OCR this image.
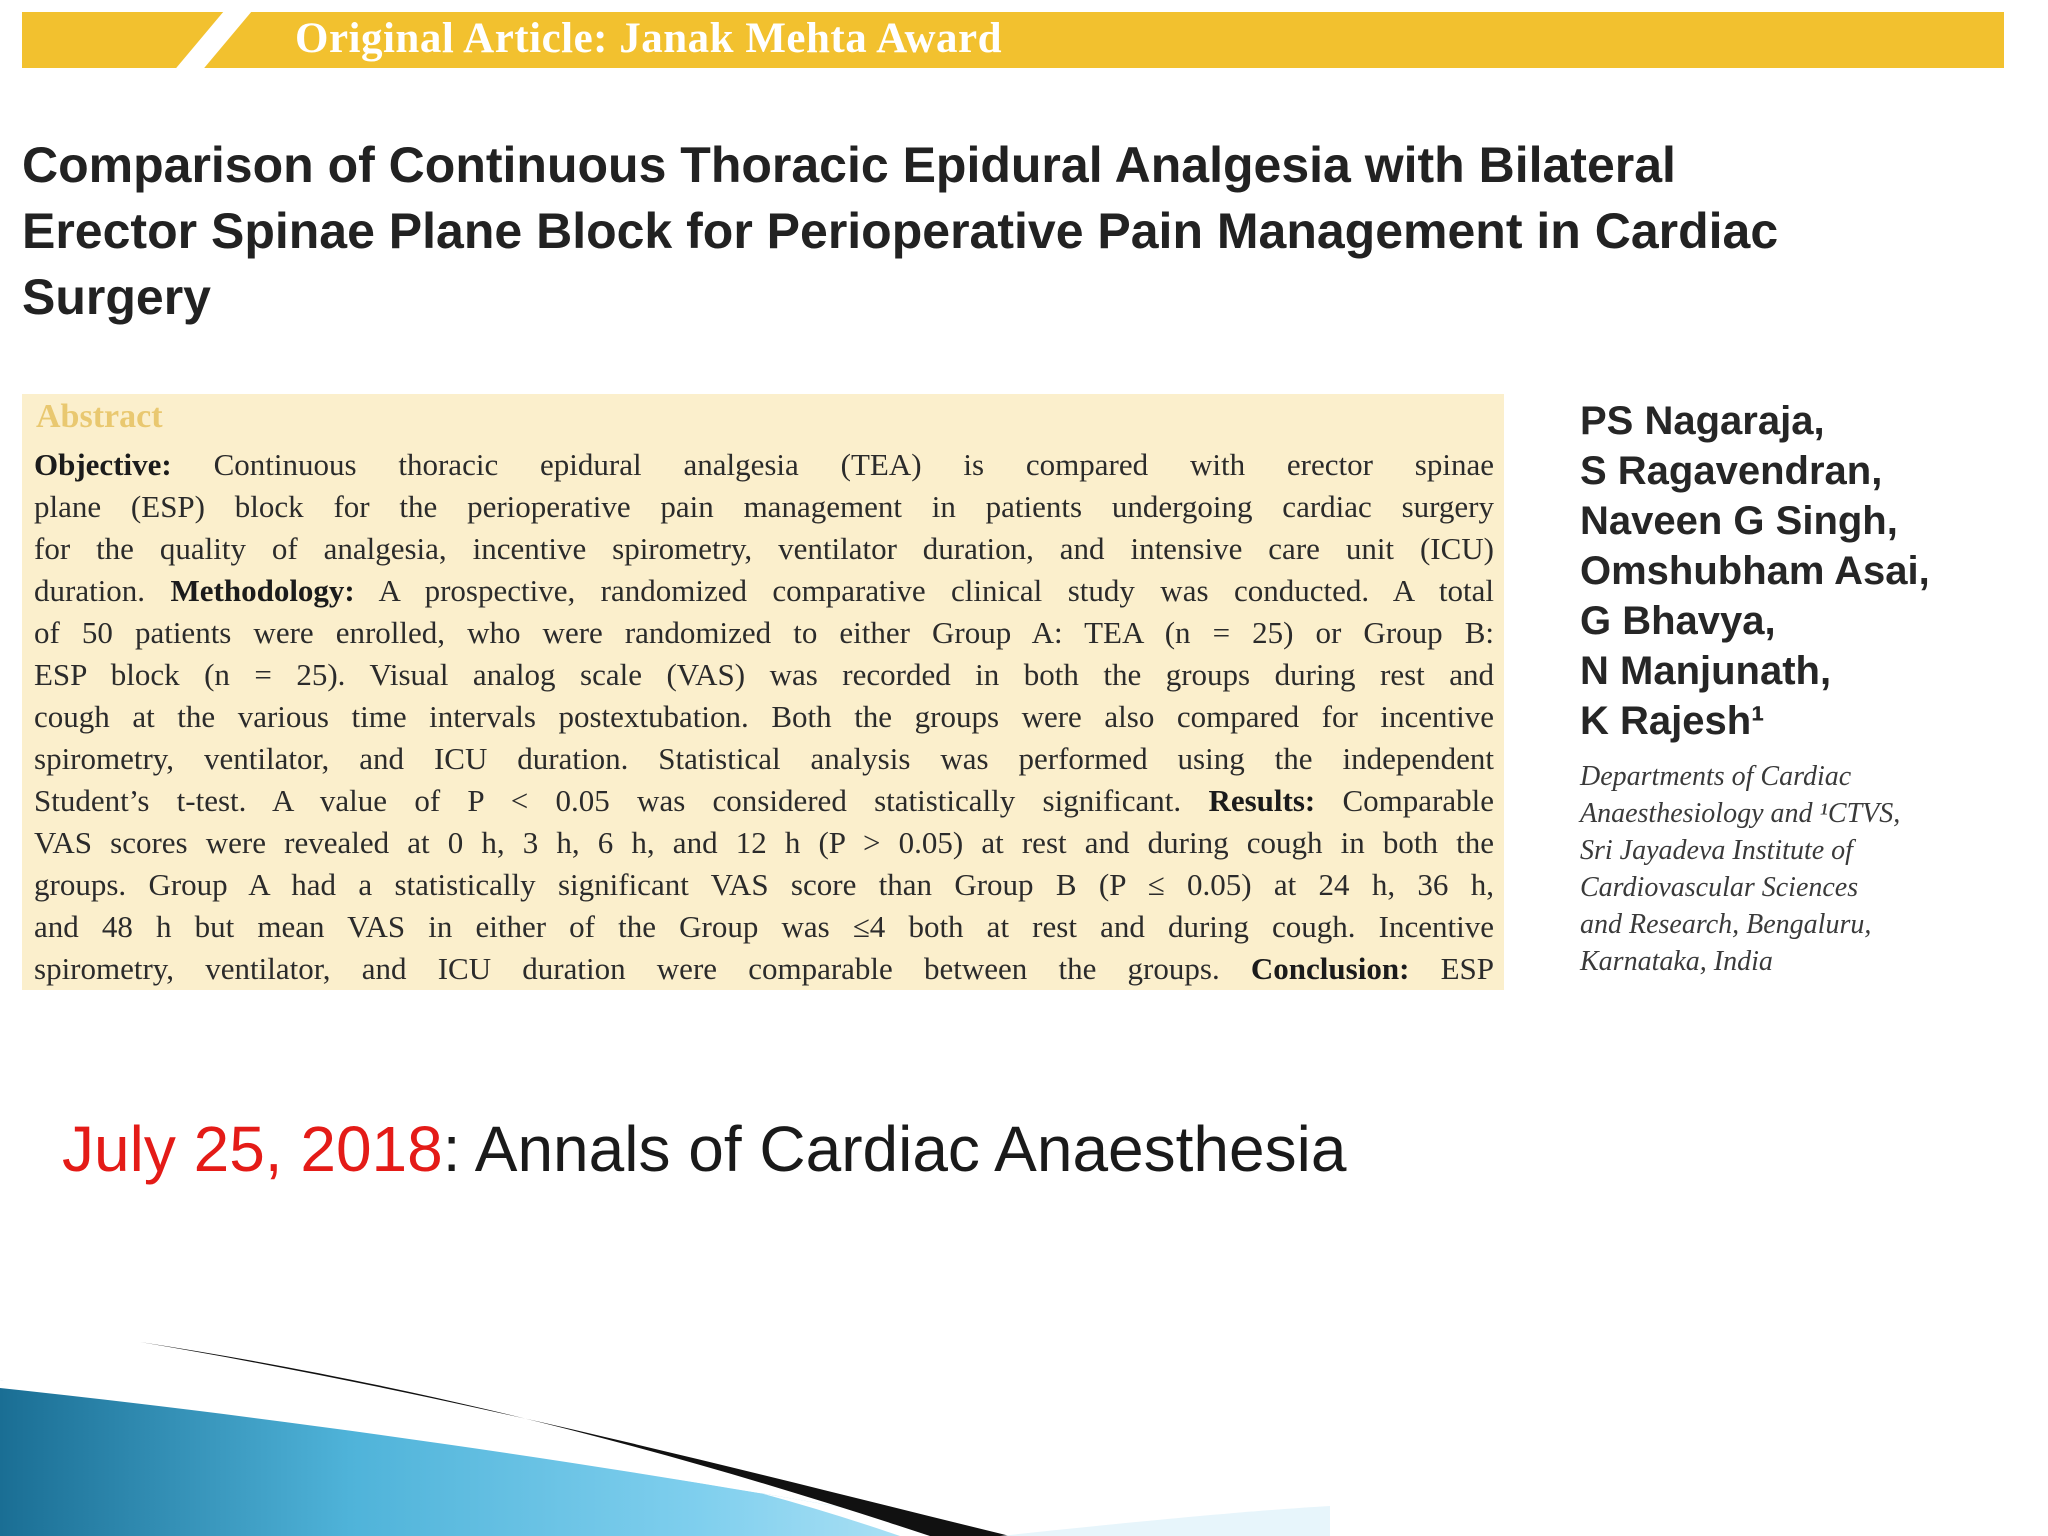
Original Article: Janak Mehta Award
Comparison of Continuous Thoracic Epidural Analgesia with Bilateral
Erector Spinae Plane Block for Perioperative Pain Management in Cardiac
Surgery
Abstract
Objective: Continuous thoracic epidural analgesia (TEA) is compared with erector spinae
plane (ESP) block for the perioperative pain management in patients undergoing cardiac surgery
for the quality of analgesia, incentive spirometry, ventilator duration, and intensive care unit (ICU)
duration. Methodology: A prospective, randomized comparative clinical study was conducted. A total
of 50 patients were enrolled, who were randomized to either Group A: TEA (n = 25) or Group B:
ESP block (n = 25). Visual analog scale (VAS) was recorded in both the groups during rest and
cough at the various time intervals postextubation. Both the groups were also compared for incentive
spirometry, ventilator, and ICU duration. Statistical analysis was performed using the independent
Student’s t-test. A value of P < 0.05 was considered statistically significant. Results: Comparable
VAS scores were revealed at 0 h, 3 h, 6 h, and 12 h (P > 0.05) at rest and during cough in both the
groups. Group A had a statistically significant VAS score than Group B (P ≤ 0.05) at 24 h, 36 h,
and 48 h but mean VAS in either of the Group was ≤4 both at rest and during cough. Incentive
spirometry, ventilator, and ICU duration were comparable between the groups. Conclusion: ESP
PS Nagaraja,
S Ragavendran,
Naveen G Singh,
Omshubham Asai,
G Bhavya,
N Manjunath,
K Rajesh¹
Departments of Cardiac
Anaesthesiology and ¹CTVS,
Sri Jayadeva Institute of
Cardiovascular Sciences
and Research, Bengaluru,
Karnataka, India
July 25, 2018: Annals of Cardiac Anaesthesia
